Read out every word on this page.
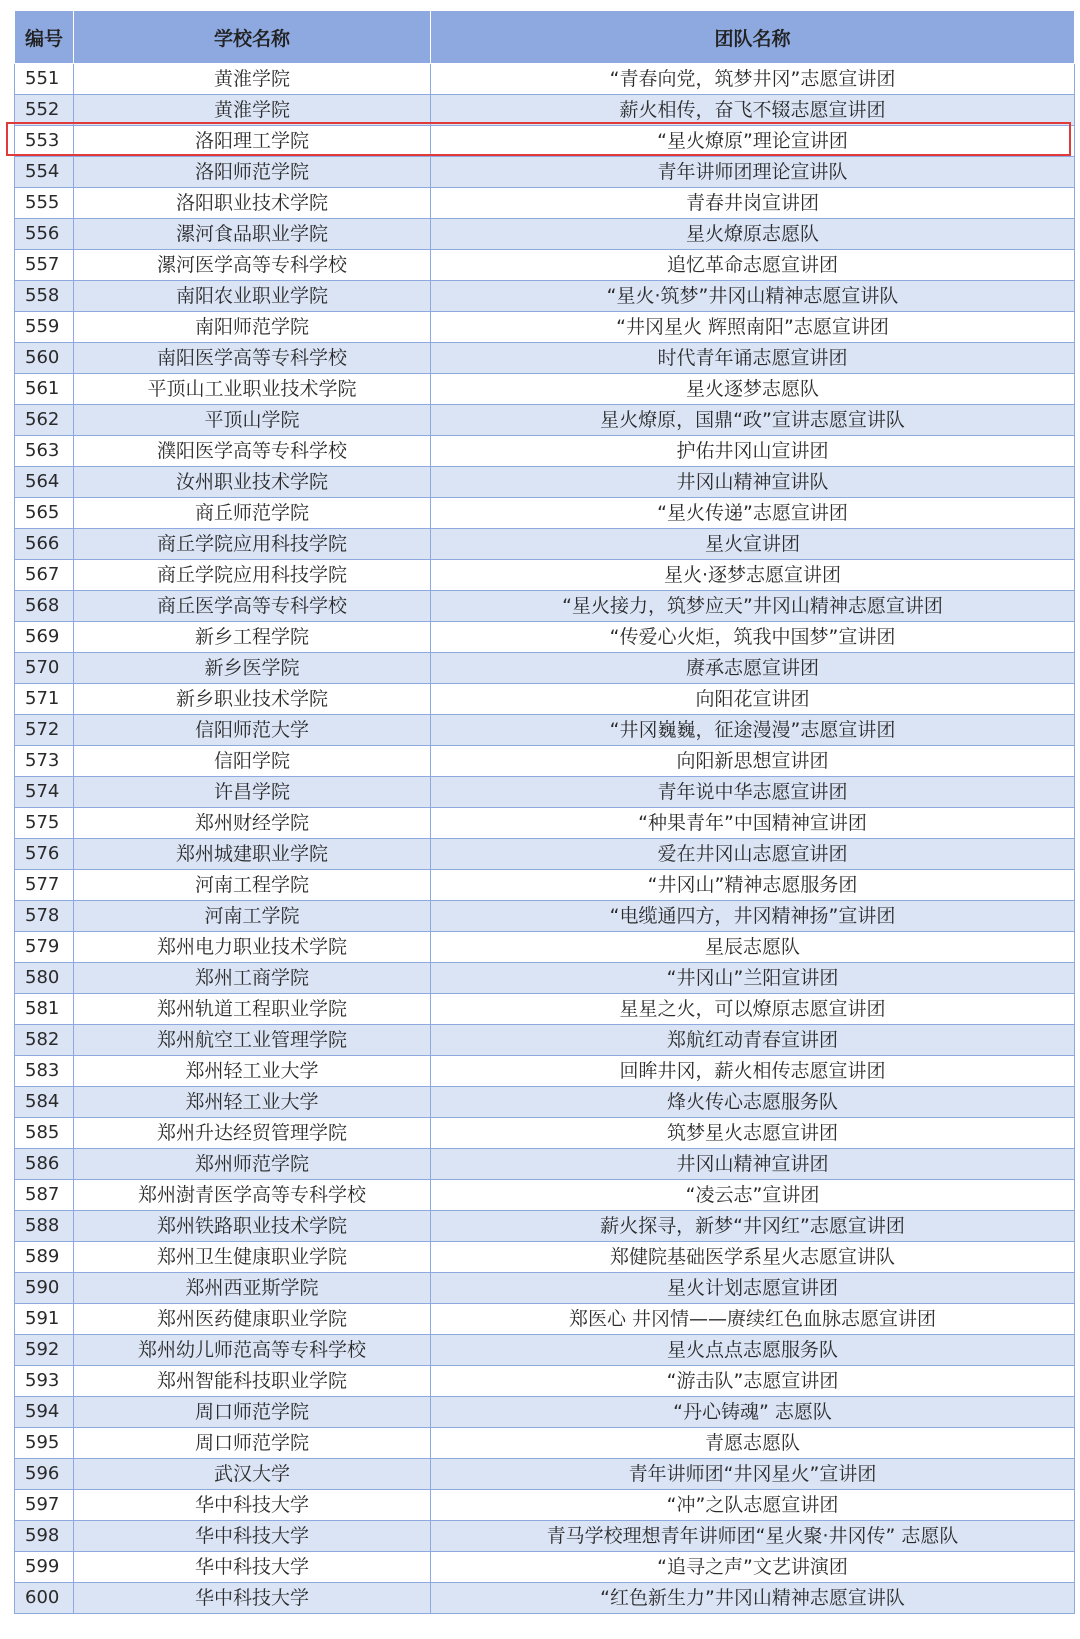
编号	学校名称	团队名称
551	黄淮学院	“青春向党，筑梦井冈”志愿宣讲团
552	黄淮学院	薪火相传，奋飞不辍志愿宣讲团
553	洛阳理工学院	“星火燎原”理论宣讲团
554	洛阳师范学院	青年讲师团理论宣讲队
555	洛阳职业技术学院	青春井岗宣讲团
556	漯河食品职业学院	星火燎原志愿队
557	漯河医学高等专科学校	追忆革命志愿宣讲团
558	南阳农业职业学院	“星火·筑梦”井冈山精神志愿宣讲队
559	南阳师范学院	“井冈星火 辉照南阳”志愿宣讲团
560	南阳医学高等专科学校	时代青年诵志愿宣讲团
561	平顶山工业职业技术学院	星火逐梦志愿队
562	平顶山学院	星火燎原，国鼎“政”宣讲志愿宣讲队
563	濮阳医学高等专科学校	护佑井冈山宣讲团
564	汝州职业技术学院	井冈山精神宣讲队
565	商丘师范学院	“星火传递”志愿宣讲团
566	商丘学院应用科技学院	星火宣讲团
567	商丘学院应用科技学院	星火·逐梦志愿宣讲团
568	商丘医学高等专科学校	“星火接力，筑梦应天”井冈山精神志愿宣讲团
569	新乡工程学院	“传爱心火炬，筑我中国梦”宣讲团
570	新乡医学院	赓承志愿宣讲团
571	新乡职业技术学院	向阳花宣讲团
572	信阳师范大学	“井冈巍巍，征途漫漫”志愿宣讲团
573	信阳学院	向阳新思想宣讲团
574	许昌学院	青年说中华志愿宣讲团
575	郑州财经学院	“种果青年”中国精神宣讲团
576	郑州城建职业学院	爱在井冈山志愿宣讲团
577	河南工程学院	“井冈山”精神志愿服务团
578	河南工学院	“电缆通四方，井冈精神扬”宣讲团
579	郑州电力职业技术学院	星辰志愿队
580	郑州工商学院	“井冈山”兰阳宣讲团
581	郑州轨道工程职业学院	星星之火，可以燎原志愿宣讲团
582	郑州航空工业管理学院	郑航红动青春宣讲团
583	郑州轻工业大学	回眸井冈，薪火相传志愿宣讲团
584	郑州轻工业大学	烽火传心志愿服务队
585	郑州升达经贸管理学院	筑梦星火志愿宣讲团
586	郑州师范学院	井冈山精神宣讲团
587	郑州澍青医学高等专科学校	“凌云志”宣讲团
588	郑州铁路职业技术学院	薪火探寻，新梦“井冈红”志愿宣讲团
589	郑州卫生健康职业学院	郑健院基础医学系星火志愿宣讲队
590	郑州西亚斯学院	星火计划志愿宣讲团
591	郑州医药健康职业学院	郑医心 井冈情——赓续红色血脉志愿宣讲团
592	郑州幼儿师范高等专科学校	星火点点志愿服务队
593	郑州智能科技职业学院	“游击队”志愿宣讲团
594	周口师范学院	“丹心铸魂” 志愿队
595	周口师范学院	青愿志愿队
596	武汉大学	青年讲师团“井冈星火”宣讲团
597	华中科技大学	“冲”之队志愿宣讲团
598	华中科技大学	青马学校理想青年讲师团“星火聚·井冈传” 志愿队
599	华中科技大学	“追寻之声”文艺讲演团
600	华中科技大学	“红色新生力”井冈山精神志愿宣讲队
